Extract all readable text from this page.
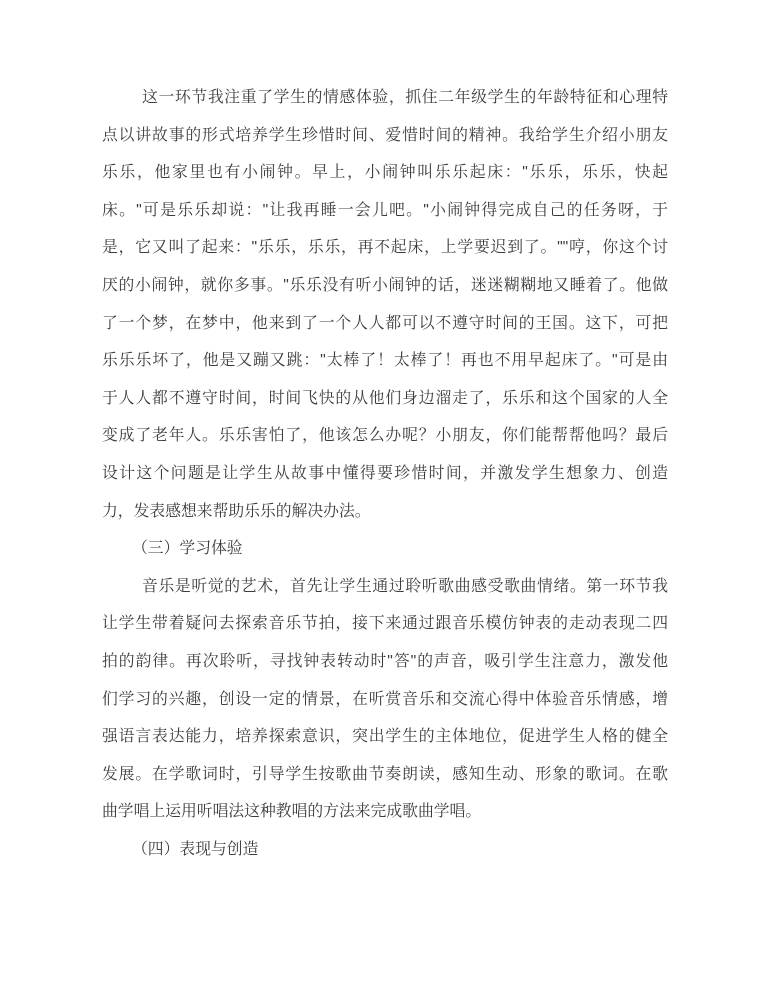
这一环节我注重了学生的情感体验，抓住二年级学生的年龄特征和心理特
点以讲故事的形式培养学生珍惜时间、爱惜时间的精神。我给学生介绍小朋友
乐乐，他家里也有小闹钟。早上，小闹钟叫乐乐起床："乐乐，乐乐，快起
床。"可是乐乐却说："让我再睡一会儿吧。"小闹钟得完成自己的任务呀，于
是，它又叫了起来："乐乐，乐乐，再不起床，上学要迟到了。""哼，你这个讨
厌的小闹钟，就你多事。"乐乐没有听小闹钟的话，迷迷糊糊地又睡着了。他做
了一个梦，在梦中，他来到了一个人人都可以不遵守时间的王国。这下，可把
乐乐乐坏了，他是又蹦又跳："太棒了！太棒了！再也不用早起床了。"可是由
于人人都不遵守时间，时间飞快的从他们身边溜走了，乐乐和这个国家的人全
变成了老年人。乐乐害怕了，他该怎么办呢？小朋友，你们能帮帮他吗？最后
设计这个问题是让学生从故事中懂得要珍惜时间，并激发学生想象力、创造
力，发表感想来帮助乐乐的解决办法。
（三）学习体验
音乐是听觉的艺术，首先让学生通过聆听歌曲感受歌曲情绪。第一环节我
让学生带着疑问去探索音乐节拍，接下来通过跟音乐模仿钟表的走动表现二四
拍的韵律。再次聆听，寻找钟表转动时"答"的声音，吸引学生注意力，激发他
们学习的兴趣，创设一定的情景，在听赏音乐和交流心得中体验音乐情感，增
强语言表达能力，培养探索意识，突出学生的主体地位，促进学生人格的健全
发展。在学歌词时，引导学生按歌曲节奏朗读，感知生动、形象的歌词。在歌
曲学唱上运用听唱法这种教唱的方法来完成歌曲学唱。
（四）表现与创造
